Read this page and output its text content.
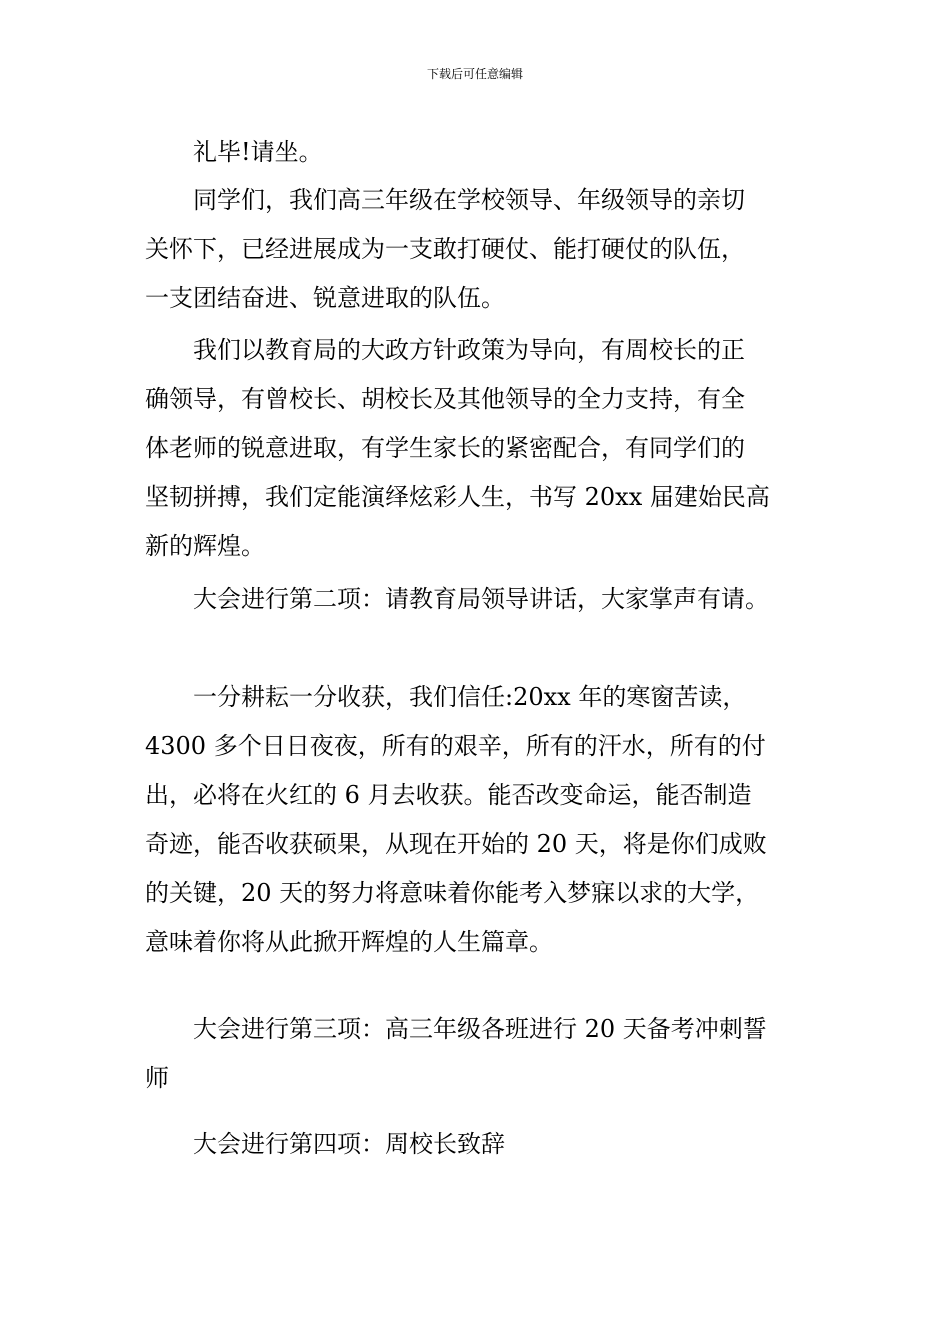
下载后可任意编辑
　　礼毕!请坐。
　　同学们，我们高三年级在学校领导、年级领导的亲切
关怀下，已经进展成为一支敢打硬仗、能打硬仗的队伍，
一支团结奋进、锐意进取的队伍。
　　我们以教育局的大政方针政策为导向，有周校长的正
确领导，有曾校长、胡校长及其他领导的全力支持，有全
体老师的锐意进取，有学生家长的紧密配合，有同学们的
坚韧拼搏，我们定能演绎炫彩人生，书写 20xx 届建始民高
新的辉煌。
　　大会进行第二项：请教育局领导讲话，大家掌声有请。
　　一分耕耘一分收获，我们信任:20xx 年的寒窗苦读，
4300 多个日日夜夜，所有的艰辛，所有的汗水，所有的付
出，必将在火红的 6 月去收获。能否改变命运，能否制造
奇迹，能否收获硕果，从现在开始的 20 天，将是你们成败
的关键，20 天的努力将意味着你能考入梦寐以求的大学，
意味着你将从此掀开辉煌的人生篇章。
　　大会进行第三项：高三年级各班进行 20 天备考冲刺誓
师
　　大会进行第四项：周校长致辞
